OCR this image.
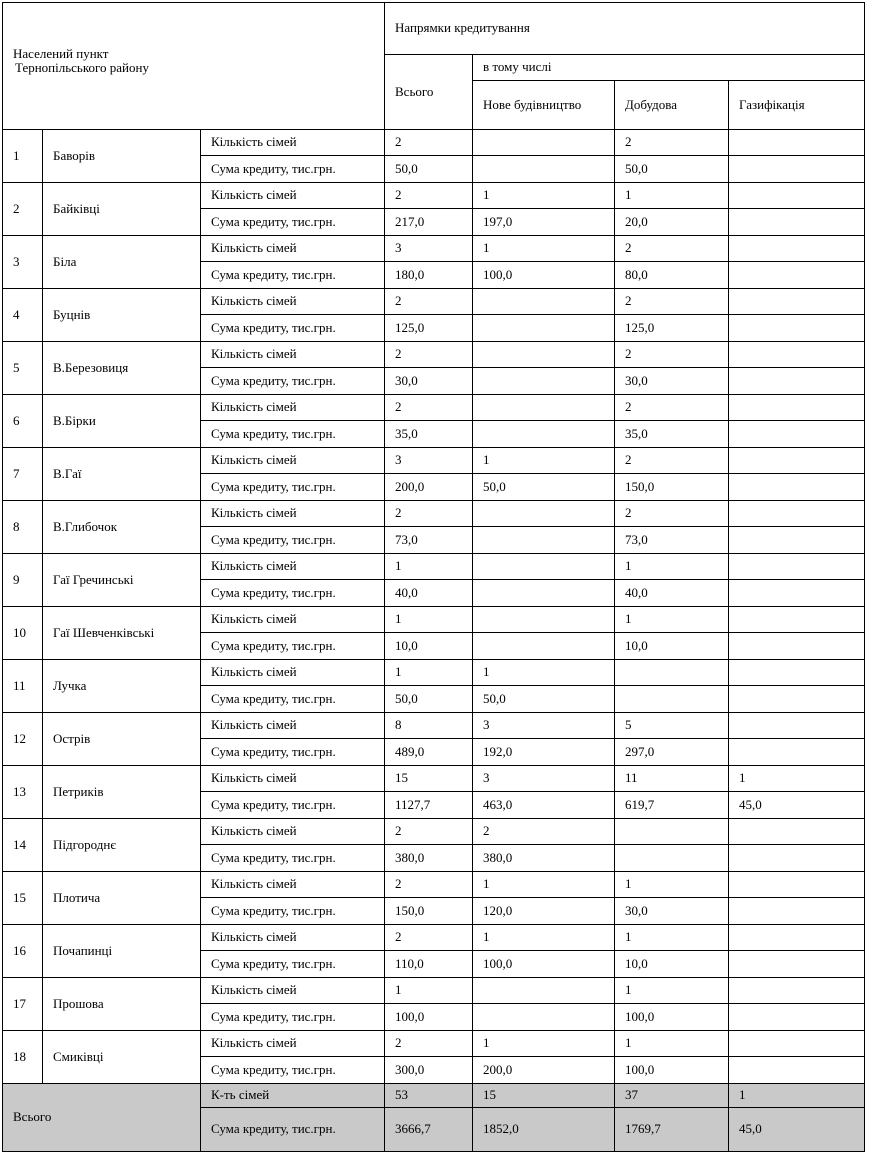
Населений пункт
Тернопільського району			Напрямки кредитування			
			Всього	в тому числі		
				Нове будівництво	Добудова	Газифікація
1	Баворів	Кількість сімей	2		2	
		Сума кредиту, тис.грн.	50,0		50,0	
2	Байківці	Кількість сімей	2	1	1	
		Сума кредиту, тис.грн.	217,0	197,0	20,0	
3	Біла	Кількість сімей	3	1	2	
		Сума кредиту, тис.грн.	180,0	100,0	80,0	
4	Буцнів	Кількість сімей	2		2	
		Сума кредиту, тис.грн.	125,0		125,0	
5	В.Березовиця	Кількість сімей	2		2	
		Сума кредиту, тис.грн.	30,0		30,0	
6	В.Бірки	Кількість сімей	2		2	
		Сума кредиту, тис.грн.	35,0		35,0	
7	В.Гаї	Кількість сімей	3	1	2	
		Сума кредиту, тис.грн.	200,0	50,0	150,0	
8	В.Глибочок	Кількість сімей	2		2	
		Сума кредиту, тис.грн.	73,0		73,0	
9	Гаї Гречинські	Кількість сімей	1		1	
		Сума кредиту, тис.грн.	40,0		40,0	
10	Гаї Шевченківські	Кількість сімей	1		1	
		Сума кредиту, тис.грн.	10,0		10,0	
11	Лучка	Кількість сімей	1	1		
		Сума кредиту, тис.грн.	50,0	50,0		
12	Острів	Кількість сімей	8	3	5	
		Сума кредиту, тис.грн.	489,0	192,0	297,0	
13	Петриків	Кількість сімей	15	3	11	1
		Сума кредиту, тис.грн.	1127,7	463,0	619,7	45,0
14	Підгороднє	Кількість сімей	2	2		
		Сума кредиту, тис.грн.	380,0	380,0		
15	Плотича	Кількість сімей	2	1	1	
		Сума кредиту, тис.грн.	150,0	120,0	30,0	
16	Почапинці	Кількість сімей	2	1	1	
		Сума кредиту, тис.грн.	110,0	100,0	10,0	
17	Прошова	Кількість сімей	1		1	
		Сума кредиту, тис.грн.	100,0		100,0	
18	Смиківці	Кількість сімей	2	1	1	
		Сума кредиту, тис.грн.	300,0	200,0	100,0	
Всього		К-ть сімей	53	15	37	1
		Сума кредиту, тис.грн.	3666,7	1852,0	1769,7	45,0
